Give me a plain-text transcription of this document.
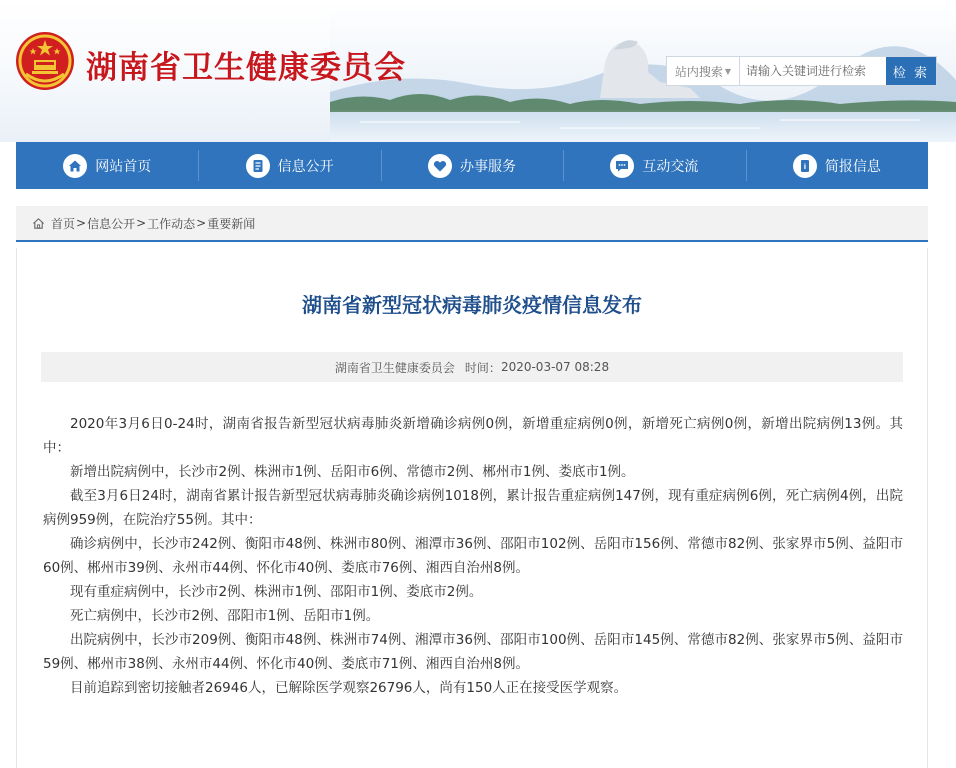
湖南省卫生健康委员会	站内搜索 ▼
请输入关键词进行检索	检 索
网站首页	信息公开	办事服务	互动交流	i 简报信息
首页 > 信息公开 > 工作动态 > 重要新闻
湖南省新型冠状病毒肺炎疫情信息发布
湖南省卫生健康委员会 时间： 2020-03-07 08:28

2020年3月6日0-24时，湖南省报告新型冠状病毒肺炎新增确诊病例0例，新增重症病例0例，新增死亡病例0例，新增出院病例13例。其中：

新增出院病例中，长沙市2例、株洲市1例、岳阳市6例、常德市2例、郴州市1例、娄底市1例。

截至3月6日24时，湖南省累计报告新型冠状病毒肺炎确诊病例1018例，累计报告重症病例147例，现有重症病例6例，死亡病例4例，出院病例959例，在院治疗55例。其中：

确诊病例中，长沙市242例、衡阳市48例、株洲市80例、湘潭市36例、邵阳市102例、岳阳市156例、常德市82例、张家界市5例、益阳市60例、郴州市39例、永州市44例、怀化市40例、娄底市76例、湘西自治州8例。

现有重症病例中，长沙市2例、株洲市1例、邵阳市1例、娄底市2例。

死亡病例中，长沙市2例、邵阳市1例、岳阳市1例。

出院病例中，长沙市209例、衡阳市48例、株洲市74例、湘潭市36例、邵阳市100例、岳阳市145例、常德市82例、张家界市5例、益阳市59例、郴州市38例、永州市44例、怀化市40例、娄底市71例、湘西自治州8例。

目前追踪到密切接触者26946人，已解除医学观察26796人，尚有150人正在接受医学观察。
